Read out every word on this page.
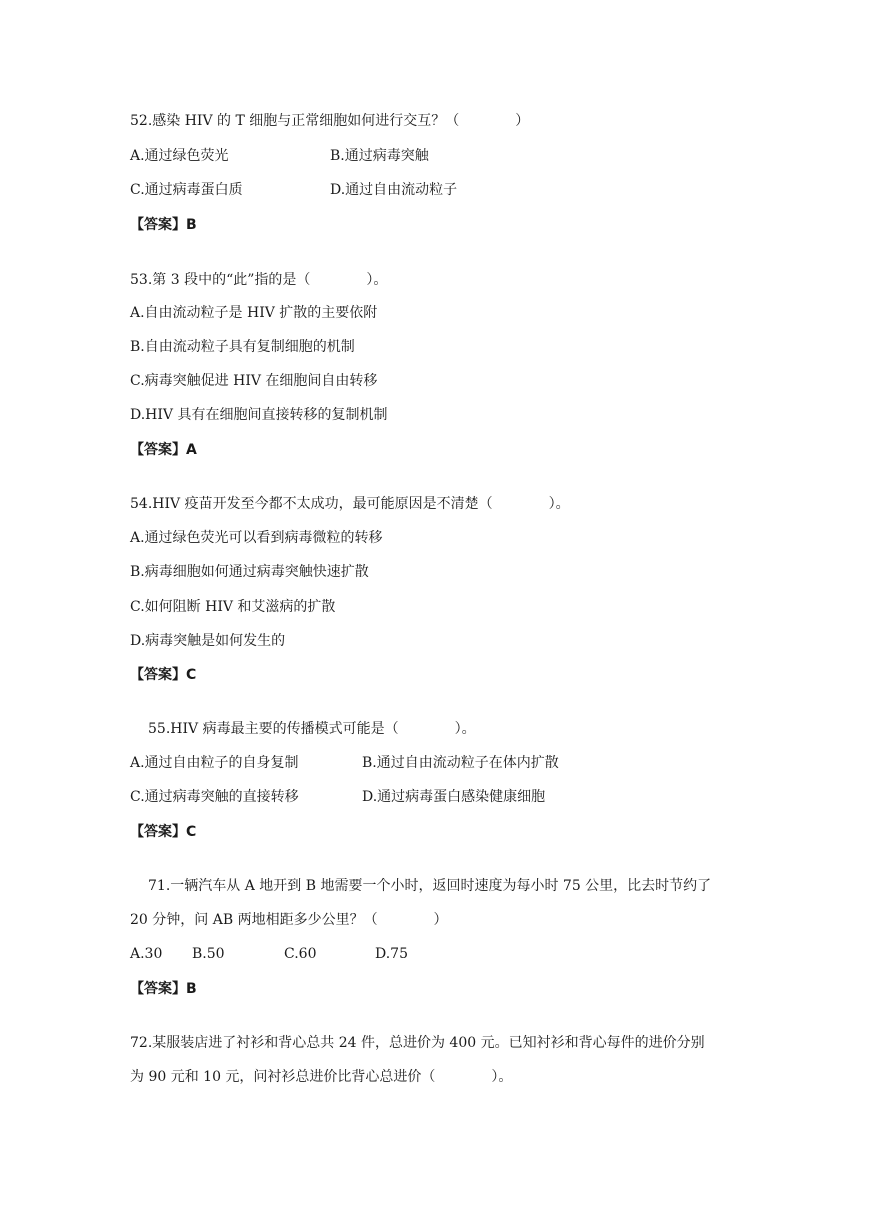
52.感染 HIV 的 T 细胞与正常细胞如何进行交互？（　　　　）
A.通过绿色荧光	B.通过病毒突触
C.通过病毒蛋白质	D.通过自由流动粒子
【答案】B
53.第 3 段中的“此”指的是（　　　　）。
A.自由流动粒子是 HIV 扩散的主要依附
B.自由流动粒子具有复制细胞的机制
C.病毒突触促进 HIV 在细胞间自由转移
D.HIV 具有在细胞间直接转移的复制机制
【答案】A
54.HIV 疫苗开发至今都不太成功，最可能原因是不清楚（　　　　）。
A.通过绿色荧光可以看到病毒微粒的转移
B.病毒细胞如何通过病毒突触快速扩散
C.如何阻断 HIV 和艾滋病的扩散
D.病毒突触是如何发生的
【答案】C
55.HIV 病毒最主要的传播模式可能是（　　　　）。
A.通过自由粒子的自身复制	B.通过自由流动粒子在体内扩散
C.通过病毒突触的直接转移	D.通过病毒蛋白感染健康细胞
【答案】C
71.一辆汽车从 A 地开到 B 地需要一个小时，返回时速度为每小时 75 公里，比去时节约了
20 分钟，问 AB 两地相距多少公里？（　　　　）
A.30 B.50	C.60	D.75
【答案】B
72.某服装店进了衬衫和背心总共 24 件，总进价为 400 元。已知衬衫和背心每件的进价分别
为 90 元和 10 元，问衬衫总进价比背心总进价（　　　　）。
